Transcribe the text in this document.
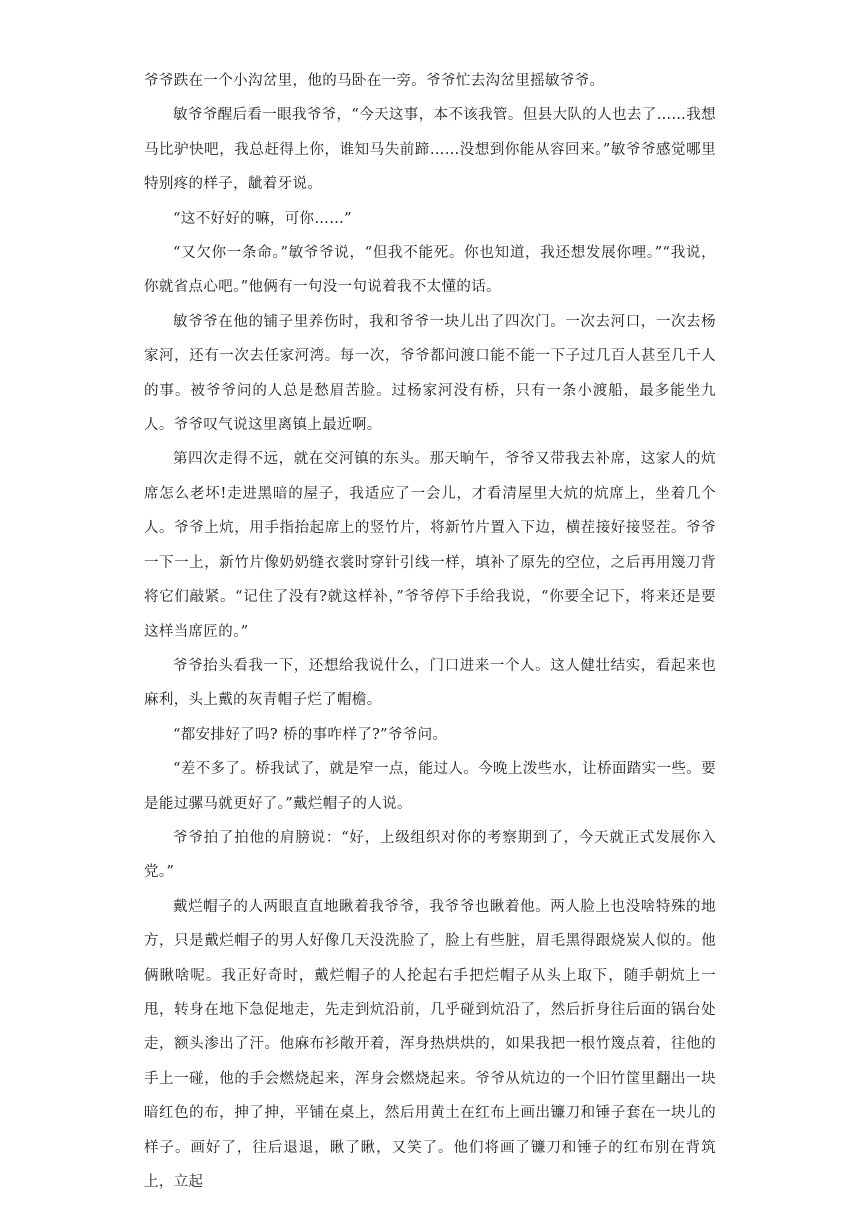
爷爷跌在一个小沟岔里，他的马卧在一旁。爷爷忙去沟岔里摇敏爷爷。

敏爷爷醒后看一眼我爷爷，“今天这事，本不该我管。但县大队的人也去了……我想马比驴快吧，我总赶得上你，谁知马失前蹄……没想到你能从容回来。”敏爷爷感觉哪里特别疼的样子，龇着牙说。

“这不好好的嘛，可你……”

“又欠你一条命。”敏爷爷说，“但我不能死。你也知道，我还想发展你哩。”“我说，你就省点心吧。”他俩有一句没一句说着我不太懂的话。

敏爷爷在他的铺子里养伤时，我和爷爷一块儿出了四次门。一次去河口，一次去杨家河，还有一次去任家河湾。每一次，爷爷都问渡口能不能一下子过几百人甚至几千人的事。被爷爷问的人总是愁眉苦脸。过杨家河没有桥，只有一条小渡船，最多能坐九人。爷爷叹气说这里离镇上最近啊。

第四次走得不远，就在交河镇的东头。那天晌午，爷爷又带我去补席，这家人的炕席怎么老坏!走进黑暗的屋子，我适应了一会儿，才看清屋里大炕的炕席上，坐着几个人。爷爷上炕，用手指抬起席上的竖竹片，将新竹片置入下边，横茬接好接竖茬。爷爷一下一上，新竹片像奶奶缝衣裳时穿针引线一样，填补了原先的空位，之后再用篾刀背将它们敲紧。“记住了没有?就这样补，”爷爷停下手给我说，“你要全记下，将来还是要这样当席匠的。”

爷爷抬头看我一下，还想给我说什么，门口进来一个人。这人健壮结实，看起来也麻利，头上戴的灰青帽子烂了帽檐。

“都安排好了吗? 桥的事咋样了?”爷爷问。

“差不多了。桥我试了，就是窄一点，能过人。今晚上泼些水，让桥面踏实一些。要是能过骡马就更好了。”戴烂帽子的人说。

爷爷拍了拍他的肩膀说：“好，上级组织对你的考察期到了，今天就正式发展你入党。”

戴烂帽子的人两眼直直地瞅着我爷爷，我爷爷也瞅着他。两人脸上也没啥特殊的地方，只是戴烂帽子的男人好像几天没洗脸了，脸上有些脏，眉毛黑得跟烧炭人似的。他俩瞅啥呢。我正好奇时，戴烂帽子的人抡起右手把烂帽子从头上取下，随手朝炕上一甩，转身在地下急促地走，先走到炕沿前，几乎碰到炕沿了，然后折身往后面的锅台处走，额头渗出了汗。他麻布衫敞开着，浑身热烘烘的，如果我把一根竹篾点着，往他的手上一碰，他的手会燃烧起来，浑身会燃烧起来。爷爷从炕边的一个旧竹筐里翻出一块暗红色的布，抻了抻，平铺在桌上，然后用黄土在红布上画出镰刀和锤子套在一块儿的样子。画好了，往后退退，瞅了瞅，又笑了。他们将画了镰刀和锤子的红布别在背筑上，立起
